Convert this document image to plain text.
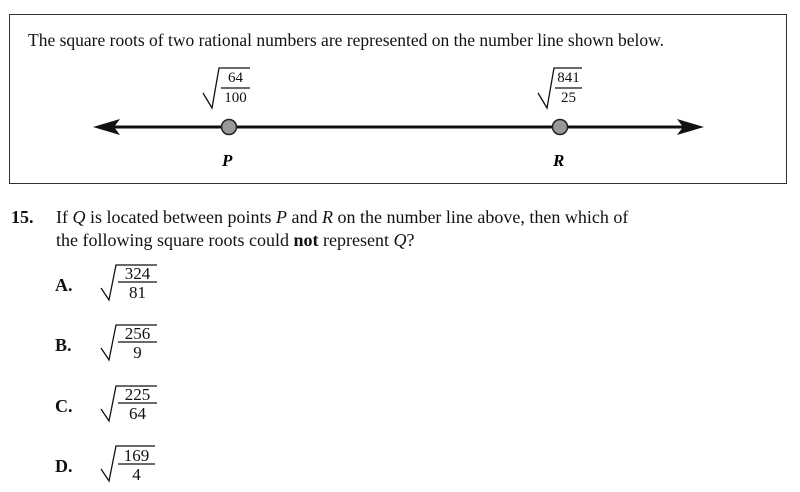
The square roots of two rational numbers are represented on the number line shown below.
P	R
64
100
841
25
15. If Q is located between points P and R on the number line above, then which of
the following square roots could not represent Q?
A.
324
81
B.
256
9
C.
225
64
D.
169
4
